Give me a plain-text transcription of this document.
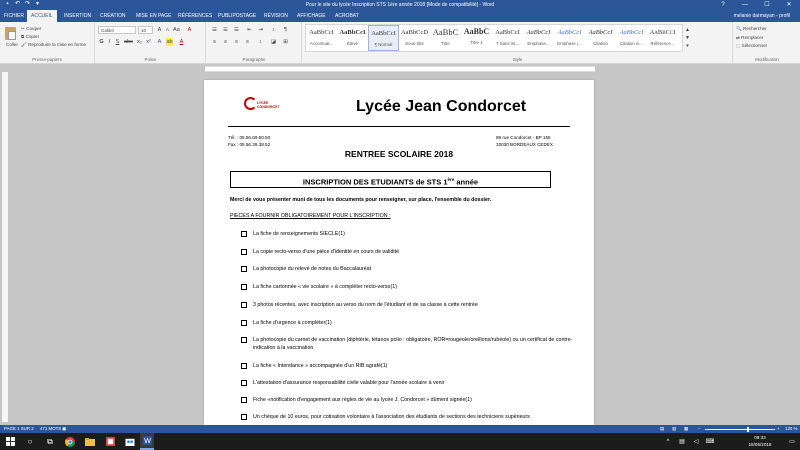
▪	↶ ↷ ▾	Pour le site du lycée Inscription STS 1ère année 2018 [Mode de compatibilité] - Word	?	—	☐	✕
FICHIER	ACCUEIL	INSERTION	CRÉATION	MISE EN PAGE	RÉFÉRENCES	PUBLIPOSTAGE	RÉVISION	AFFICHAGE	ACROBAT	melanie darmayan - profil
Coller
✂ Couper
⧉ Copier
🖌 Reproduire la mise en forme
Presse-papiers
Calibri	10	A	A Aa	A
G I S abc x₂ x²	A ab	A
Police
☰	☰	☰	⇤	⇥	↕	¶
≡	≡	≡	≡	↕	◪	⊞
Paragraphe	Style
AaBbCcI
Accentuat...
AaBbCcI
Élevé
AaBbCcI
¶ Normal
AaBbCcD
Sous-titre
AaBbC
Titre
AaBbC
Titre 1
AaBbCcI
T Sans int...
AaBbCcI
Emphase...
AaBbCcI
Emphase i...
AaBbCcI
Citation
AaBbCcI
Citation in...
AaBbCcI
Référence...
▲
▼
▾
🔍 Rechercher
⇄ Remplacer
⬚ Sélectionner
Modification
LYCÉE CONDORCET	Lycée Jean Condorcet
Tél. : 05.56.69.60.50
Fax : 05.56.39.38.52
89 rue Condorcet - BP 155
33030 BORDEAUX CEDEX
RENTREE SCOLAIRE 2018
INSCRIPTION DES ETUDIANTS de STS 1ère année
Merci de vous présenter muni de tous les documents pour renseigner, sur place, l'ensemble du dossier.
PIECES A FOURNIR OBLIGATOIREMENT POUR L'INSCRIPTION :
La fiche de renseignements SIECLE(1)
La copie recto-verso d'une pièce d'identité en cours de validité
La photocopie du relevé de notes du Baccalauréat
La fiche cartonnée « vie scolaire » à compléter recto-verso(1)
3 photos récentes, avec inscription au verso du nom de l'étudiant et de sa classe à cette rentrée
La fiche d'urgence à compléter(1)
La photocopie du carnet de vaccination (diphtérie, tétanos polio : obligatoire, ROR=rougeole/oreillons/rubéole) ou un certificat de contre-indication à la vaccination
La fiche « Intendance » accompagnée d'un RIB agrafé(1)
L'attestation d'assurance responsabilité civile valable pour l'année scolaire à venir
Fiche «notification d'engagement aux règles de vie au lycée J. Condorcet » dûment signée(1)
Un chèque de 10 euros, pour cotisation volontaire à l'association des étudiants de sections des techniciens supérieurs
PAGE 1 SUR 2 471 MOTS ▣	▤ ▥ ▦ −	+ 120 %
○	⧉	W	^	▤	◁	⌨
09:33
18/05/2018	▭
